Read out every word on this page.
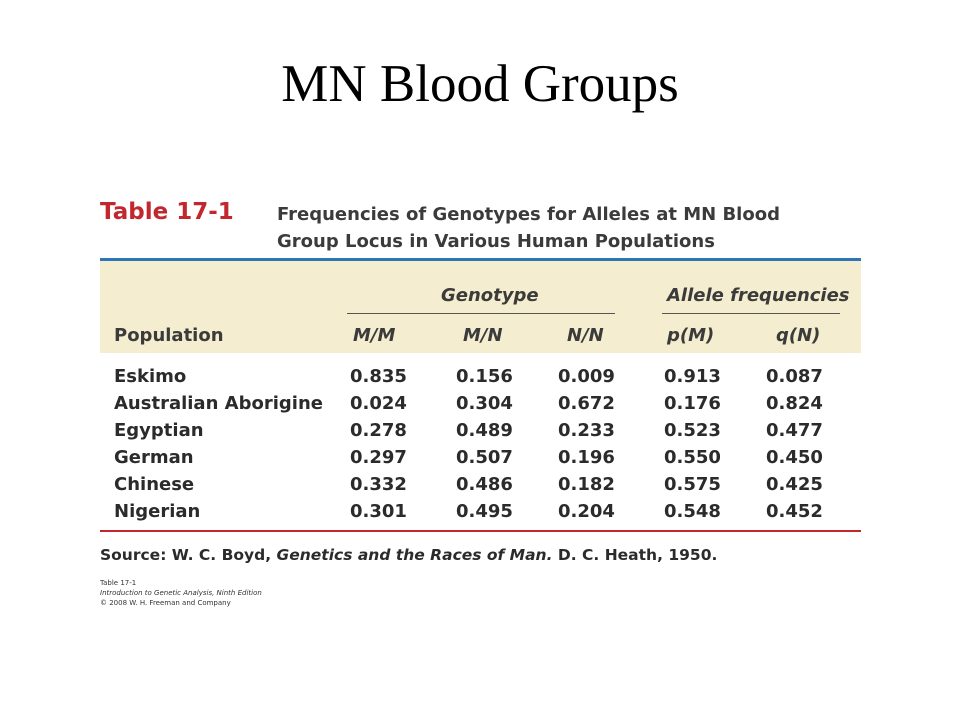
MN Blood Groups
Table 17-1 Frequencies of Genotypes for Alleles at MN Blood
Group Locus in Various Human Populations
Genotype	Allele frequencies
Population	M/M	M/N	N/N	p(M)	q(N)
Eskimo	0.835	0.156	0.009	0.913	0.087
Australian Aborigine 0.024	0.304	0.672	0.176	0.824
Egyptian	0.278	0.489	0.233	0.523	0.477
German	0.297	0.507	0.196	0.550	0.450
Chinese	0.332	0.486	0.182	0.575	0.425
Nigerian	0.301	0.495	0.204	0.548	0.452
Source: W. C. Boyd, Genetics and the Races of Man. D. C. Heath, 1950.
Table 17-1
Introduction to Genetic Analysis, Ninth Edition
© 2008 W. H. Freeman and Company
